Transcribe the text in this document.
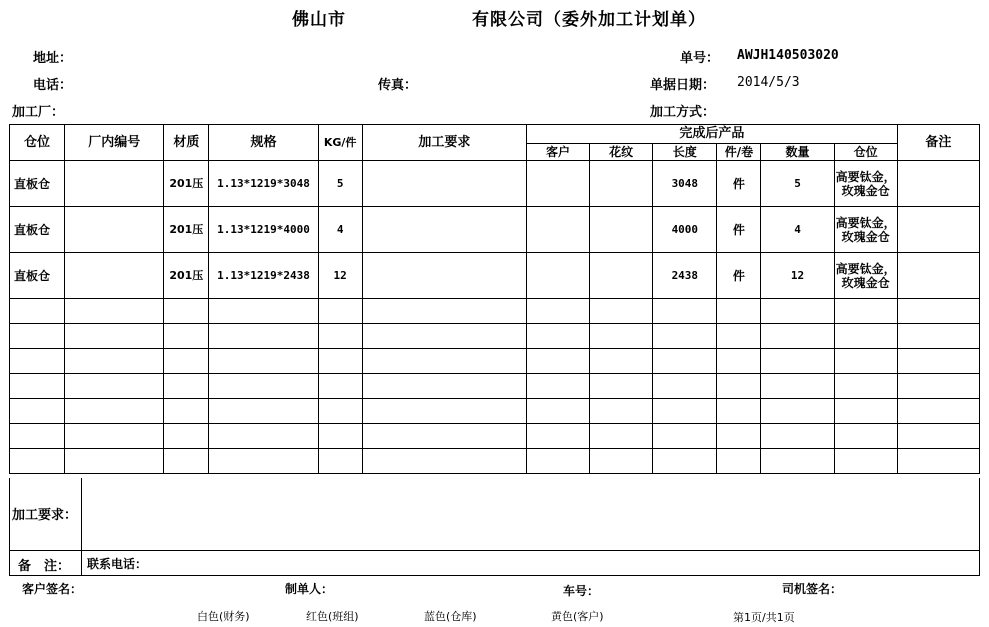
佛山市	有限公司（委外加工计划单）
地址：
电话：	传真：
加工厂：
单号： AWJH140503020
单据日期： 2014/5/3
加工方式：
仓位	厂内编号	材质	规格	KG/件	加工要求	完成后产品						备注
						客户	花纹	长度	件/卷	数量	仓位	
直板仓		201压	1.13*1219*3048	5				3048	件	5	高要钛金，玫瑰金仓	
直板仓		201压	1.13*1219*4000	4				4000	件	4	高要钛金，玫瑰金仓	
直板仓		201压	1.13*1219*2438	12				2438	件	12	高要钛金，玫瑰金仓	

加工要求：
备　注： 联系电话：
客户签名：	制单人：	车号：	司机签名：
白色(财务)	红色(班组)	蓝色(仓库)	黄色(客户)	第1页/共1页
